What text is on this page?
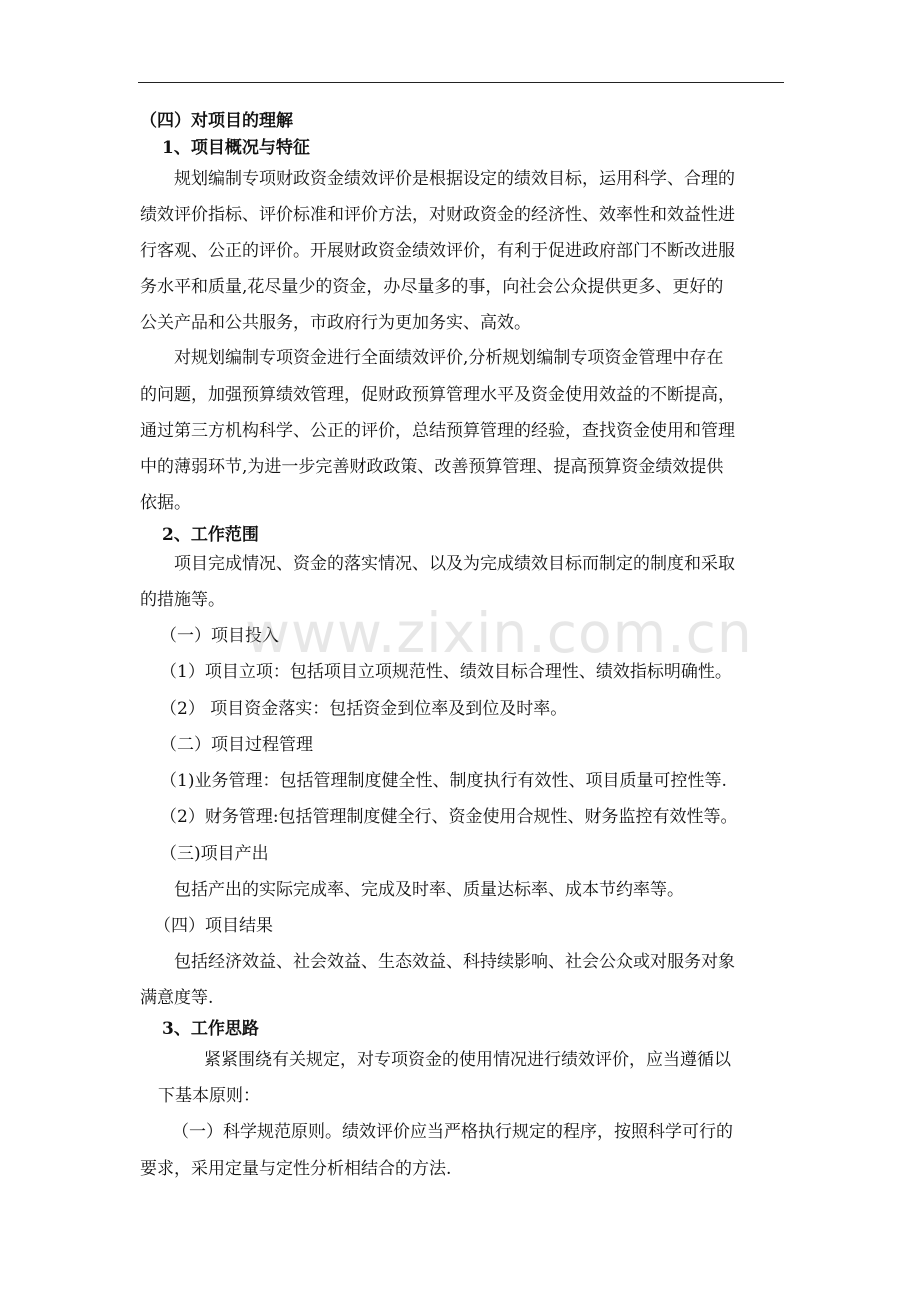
（四）对项目的理解
1、项目概况与特征
规划编制专项财政资金绩效评价是根据设定的绩效目标，运用科学、合理的
绩效评价指标、评价标准和评价方法，对财政资金的经济性、效率性和效益性进
行客观、公正的评价。开展财政资金绩效评价，有利于促进政府部门不断改进服
务水平和质量,花尽量少的资金，办尽量多的事，向社会公众提供更多、更好的
公关产品和公共服务，市政府行为更加务实、高效。
对规划编制专项资金进行全面绩效评价,分析规划编制专项资金管理中存在
的问题，加强预算绩效管理，促财政预算管理水平及资金使用效益的不断提高，
通过第三方机构科学、公正的评价，总结预算管理的经验，查找资金使用和管理
中的薄弱环节,为进一步完善财政政策、改善预算管理、提高预算资金绩效提供
依据。
2、工作范围
项目完成情况、资金的落实情况、以及为完成绩效目标而制定的制度和采取
的措施等。
（一）项目投入
（1）项目立项：包括项目立项规范性、绩效目标合理性、绩效指标明确性。
（2） 项目资金落实：包括资金到位率及到位及时率。
（二）项目过程管理
（1)业务管理：包括管理制度健全性、制度执行有效性、项目质量可控性等.
（2）财务管理:包括管理制度健全行、资金使用合规性、财务监控有效性等。
（三)项目产出
包括产出的实际完成率、完成及时率、质量达标率、成本节约率等。
（四）项目结果
包括经济效益、社会效益、生态效益、科持续影响、社会公众或对服务对象
满意度等.
3、工作思路
紧紧围绕有关规定，对专项资金的使用情况进行绩效评价，应当遵循以
下基本原则：
（一）科学规范原则。绩效评价应当严格执行规定的程序，按照科学可行的
要求，采用定量与定性分析相结合的方法.
www.zixin.com.cn
